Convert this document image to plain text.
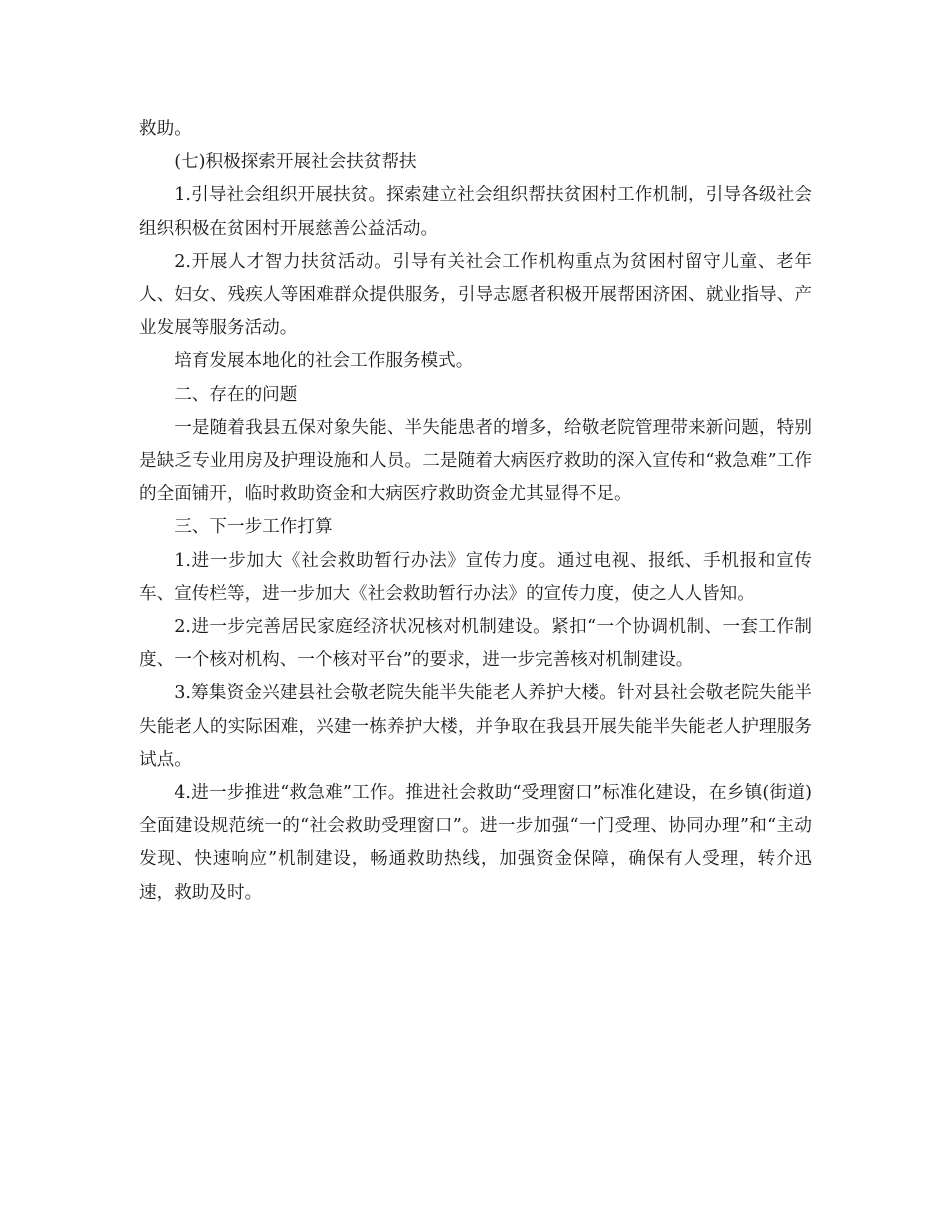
救助。

(七)积极探索开展社会扶贫帮扶

1.引导社会组织开展扶贫。探索建立社会组织帮扶贫困村工作机制，引导各级社会组织积极在贫困村开展慈善公益活动。

2.开展人才智力扶贫活动。引导有关社会工作机构重点为贫困村留守儿童、老年人、妇女、残疾人等困难群众提供服务，引导志愿者积极开展帮困济困、就业指导、产业发展等服务活动。

培育发展本地化的社会工作服务模式。

二、存在的问题

一是随着我县五保对象失能、半失能患者的增多，给敬老院管理带来新问题，特别是缺乏专业用房及护理设施和人员。二是随着大病医疗救助的深入宣传和“救急难”工作的全面铺开，临时救助资金和大病医疗救助资金尤其显得不足。

三、下一步工作打算

1.进一步加大《社会救助暂行办法》宣传力度。通过电视、报纸、手机报和宣传车、宣传栏等，进一步加大《社会救助暂行办法》的宣传力度，使之人人皆知。

2.进一步完善居民家庭经济状况核对机制建设。紧扣“一个协调机制、一套工作制度、一个核对机构、一个核对平台”的要求，进一步完善核对机制建设。

3.筹集资金兴建县社会敬老院失能半失能老人养护大楼。针对县社会敬老院失能半失能老人的实际困难，兴建一栋养护大楼，并争取在我县开展失能半失能老人护理服务试点。

4.进一步推进“救急难”工作。推进社会救助“受理窗口”标准化建设，在乡镇(街道)全面建设规范统一的“社会救助受理窗口”。进一步加强“一门受理、协同办理”和“主动发现、快速响应”机制建设，畅通救助热线，加强资金保障，确保有人受理，转介迅速，救助及时。
